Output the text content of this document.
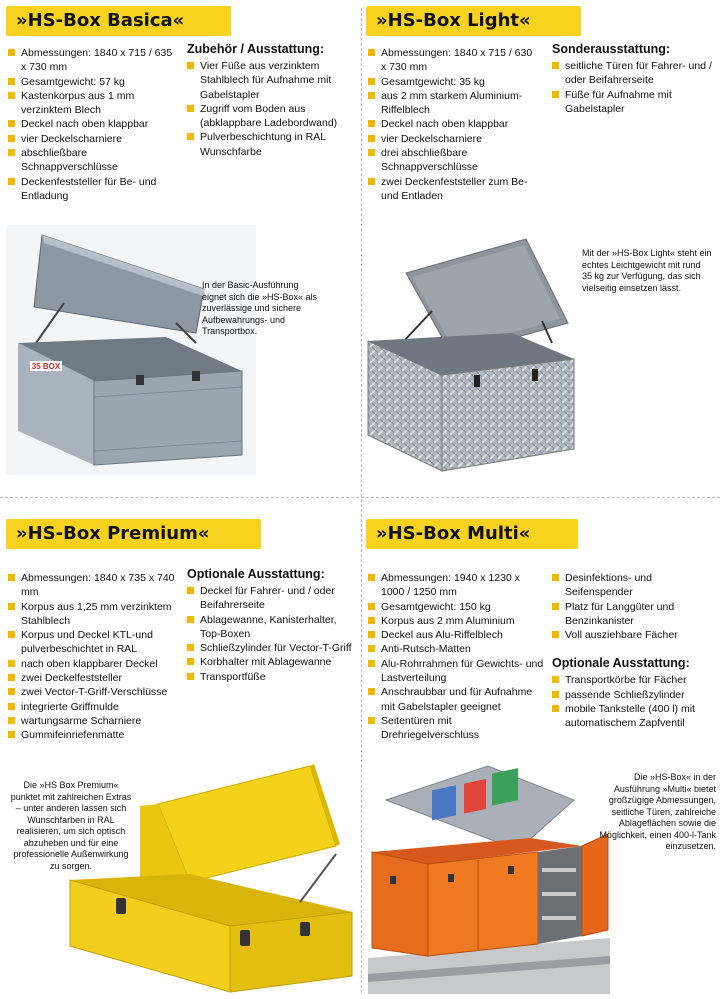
»HS-Box Basica«
Abmessungen: 1840 x 715 / 635 x 730 mm
Gesamtgewicht: 57 kg
Kastenkorpus aus 1 mm verzinktem Blech
Deckel nach oben klappbar
vier Deckelscharniere
abschließbare Schnappverschlüsse
Deckenfeststeller für Be- und Entladung
Zubehör / Ausstattung:
Vier Füße aus verzinktem Stahlblech für Aufnahme mit Gabelstapler
Zugriff vom Boden aus (abklappbare Ladebordwand)
Pulverbeschichtung in RAL Wunschfarbe
35 BOX
In der Basic-Ausführung eignet sich die »HS-Box« als zuverlässige und sichere Aufbewahrungs- und Transportbox.
»HS-Box Light«
Abmessungen: 1840 x 715 / 630 x 730 mm
Gesamtgewicht: 35 kg
aus 2 mm starkem Aluminium-Riffelblech
Deckel nach oben klappbar
vier Deckelscharniere
drei abschließbare Schnappverschlüsse
zwei Deckenfeststeller zum Be- und Entladen
Sonderausstattung:
seitliche Türen für Fahrer- und / oder Beifahrerseite
Füße für Aufnahme mit Gabelstapler
Mit der »HS-Box Light« steht ein echtes Leichtgewicht mit rund 35 kg zur Verfügung, das sich vielseitig einsetzen lässt.
»HS-Box Premium«
Abmessungen: 1840 x 735 x 740 mm
Korpus aus 1,25 mm verzinktem Stahlblech
Korpus und Deckel KTL-und pulverbeschichtet in RAL
nach oben klappbarer Deckel
zwei Deckelfeststeller
zwei Vector-T-Griff-Verschlüsse
integrierte Griffmulde
wartungsarme Scharniere
Gummifeinriefenmatte
Optionale Ausstattung:
Deckel für Fahrer- und / oder Beifahrerseite
Ablagewanne, Kanisterhalter, Top-Boxen
Schließzylinder für Vector-T-Griff
Korbhalter mit Ablagewanne
Transportfüße
Die »HS Box Premium« punktet mit zahlreichen Extras – unter anderen lassen sich Wunschfarben in RAL realisieren, um sich optisch abzuheben und für eine professionelle Außenwirkung zu sorgen.
»HS-Box Multi«
Abmessungen: 1940 x 1230 x 1000 / 1250 mm
Gesamtgewicht: 150 kg
Korpus aus 2 mm Aluminium
Deckel aus Alu-Riffelblech
Anti-Rutsch-Matten
Alu-Rohrrahmen für Gewichts- und Lastverteilung
Anschraubbar und für Aufnahme mit Gabelstapler geeignet
Seitentüren mit Drehriegelverschluss
Desinfektions- und Seifenspender
Platz für Langgüter und Benzinkanister
Voll ausziehbare Fächer
Optionale Ausstattung:
Transportkörbe für Fächer
passende Schließzylinder
mobile Tankstelle (400 l) mit automatischem Zapfventil
Die »HS-Box« in der Ausführung »Multi« bietet großzügige Abmessungen, seitliche Türen, zahlreiche Ablageflächen sowie die Möglichkeit, einen 400-l-Tank einzusetzen.
